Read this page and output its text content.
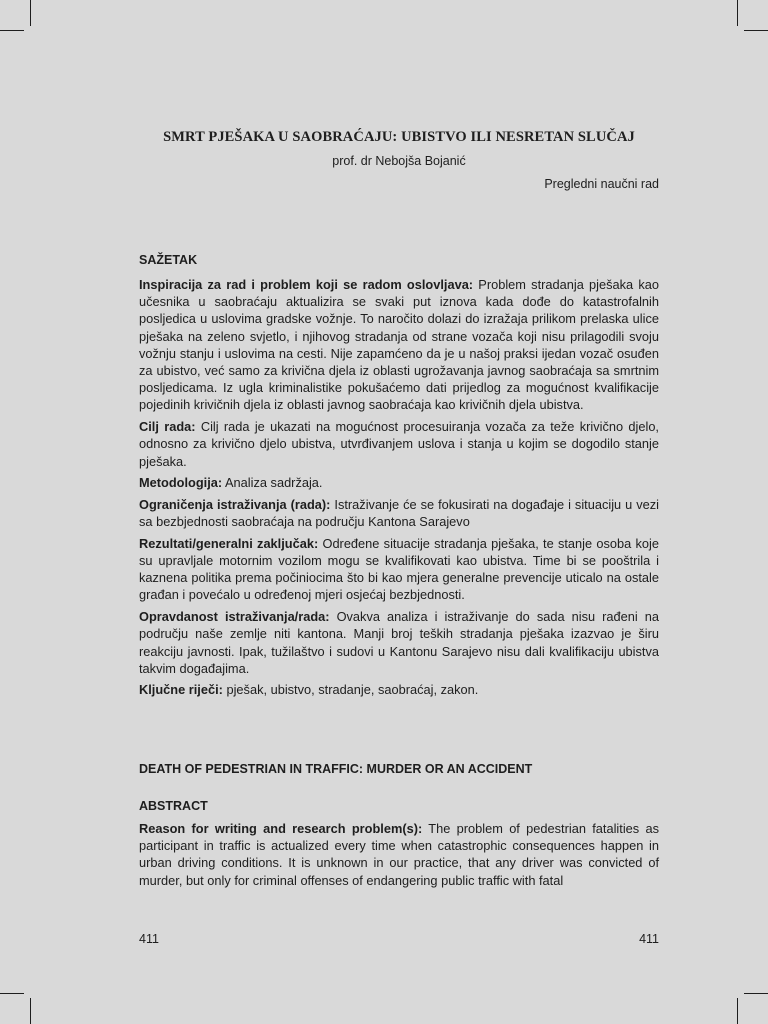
SMRT PJEŠAKA U SAOBRAĆAJU: UBISTVO ILI NESRETAN SLUČAJ
prof. dr Nebojša Bojanić
Pregledni naučni rad
SAŽETAK

Inspiracija za rad i problem koji se radom oslovljava: Problem stradanja pješaka kao učesnika u saobraćaju aktualizira se svaki put iznova kada dođe do katastrofalnih posljedica u uslovima gradske vožnje. To naročito dolazi do izražaja prilikom prelaska ulice pješaka na zeleno svjetlo, i njihovog stradanja od strane vozača koji nisu prilagodili svoju vožnju stanju i uslovima na cesti. Nije zapamćeno da je u našoj praksi ijedan vozač osuđen za ubistvo, već samo za krivična djela iz oblasti ugrožavanja javnog saobraćaja sa smrtnim posljedicama. Iz ugla kriminalistike pokušaćemo dati prijedlog za mogućnost kvalifikacije pojedinih krivičnih djela iz oblasti javnog saobraćaja kao krivičnih djela ubistva.

Cilj rada: Cilj rada je ukazati na mogućnost procesuiranja vozača za teže krivično djelo, odnosno za krivično djelo ubistva, utvrđivanjem uslova i stanja u kojim se dogodilo stanje pješaka.

Metodologija: Analiza sadržaja.

Ograničenja istraživanja (rada): Istraživanje će se fokusirati na događaje i situaciju u vezi sa bezbjednosti saobraćaja na području Kantona Sarajevo

Rezultati/generalni zaključak: Određene situacije stradanja pješaka, te stanje osoba koje su upravljale motornim vozilom mogu se kvalifikovati kao ubistva. Time bi se pooštrila i kaznena politika prema počiniocima što bi kao mjera generalne prevencije uticalo na ostale građan i povećalo u određenoj mjeri osjećaj bezbjednosti.

Opravdanost istraživanja/rada: Ovakva analiza i istraživanje do sada nisu rađeni na području naše zemlje niti kantona. Manji broj teških stradanja pješaka izazvao je širu reakciju javnosti. Ipak, tužilaštvo i sudovi u Kantonu Sarajevo nisu dali kvalifikaciju ubistva takvim događajima.

Ključne riječi: pješak, ubistvo, stradanje, saobraćaj, zakon.

DEATH OF PEDESTRIAN IN TRAFFIC: MURDER OR AN ACCIDENT
ABSTRACT

Reason for writing and research problem(s): The problem of pedestrian fatalities as participant in traffic is actualized every time when catastrophic consequences happen in urban driving conditions. It is unknown in our practice, that any driver was convicted of murder, but only for criminal offenses of endangering public traffic with fatal

411	411
